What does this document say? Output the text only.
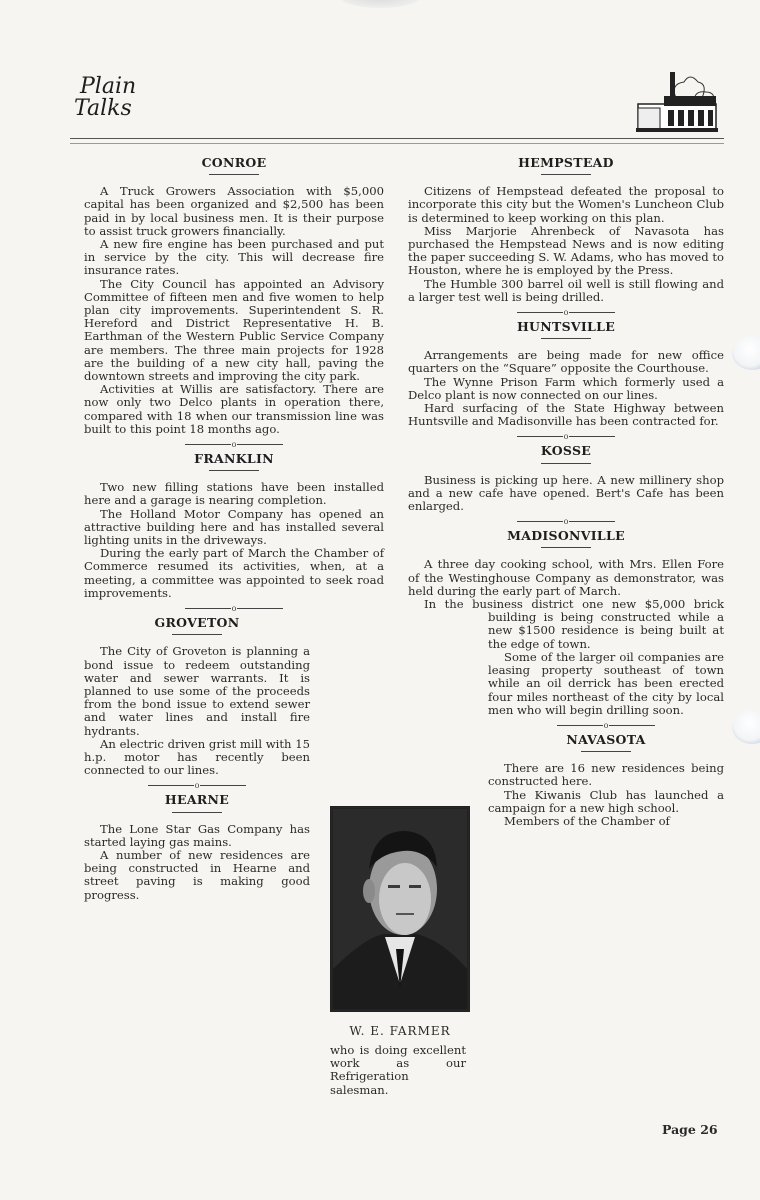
Plain
Talks
CONROE

A Truck Growers Association with $5,000 capital has been organized and $2,500 has been paid in by local business men. It is their purpose to assist truck growers financially.

A new fire engine has been purchased and put in service by the city. This will decrease fire insurance rates.

The City Council has appointed an Advisory Committee of fifteen men and five women to help plan city improvements. Superintendent S. R. Hereford and District Representative H. B. Earthman of the Western Public Service Company are members. The three main projects for 1928 are the building of a new city hall, paving the downtown streets and improving the city park.

Activities at Willis are satisfactory. There are now only two Delco plants in operation there, compared with 18 when our transmission line was built to this point 18 months ago.

o
FRANKLIN

Two new filling stations have been installed here and a garage is nearing completion.

The Holland Motor Company has opened an attractive building here and has installed several lighting units in the driveways.

During the early part of March the Chamber of Commerce resumed its activities, when, at a meeting, a committee was appointed to seek road improvements.

o
GROVETON

The City of Groveton is planning a bond issue to redeem outstanding water and sewer warrants. It is planned to use some of the proceeds from the bond issue to extend sewer and water lines and install fire hydrants.

An electric driven grist mill with 15 h.p. motor has recently been connected to our lines.

o
HEARNE

The Lone Star Gas Company has started laying gas mains.

A number of new residences are being constructed in Hearne and street paving is making good progress.

W. E. FARMER
who is doing excellent work as our Refrigeration salesman.
HEMPSTEAD

Citizens of Hempstead defeated the proposal to incorporate this city but the Women's Luncheon Club is determined to keep working on this plan.

Miss Marjorie Ahrenbeck of Navasota has purchased the Hempstead News and is now editing the paper succeeding S. W. Adams, who has moved to Houston, where he is employed by the Press.

The Humble 300 barrel oil well is still flowing and a larger test well is being drilled.

o
HUNTSVILLE

Arrangements are being made for new office quarters on the “Square” opposite the Courthouse.

The Wynne Prison Farm which formerly used a Delco plant is now connected on our lines.

Hard surfacing of the State Highway between Huntsville and Madisonville has been contracted for.

o
KOSSE

Business is picking up here. A new millinery shop and a new cafe have opened. Bert's Cafe has been enlarged.

o
MADISONVILLE

A three day cooking school, with Mrs. Ellen Fore of the Westinghouse Company as demonstrator, was held during the early part of March.

In the business district one new $5,000 brick building is being constructed while a new $1500 residence is being built at the edge of town.

Some of the larger oil companies are leasing property southeast of town while an oil derrick has been erected four miles northeast of the city by local men who will begin drilling soon.

o
NAVASOTA

There are 16 new residences being constructed here.

The Kiwanis Club has launched a campaign for a new high school.

Members of the Chamber of

Page 26
